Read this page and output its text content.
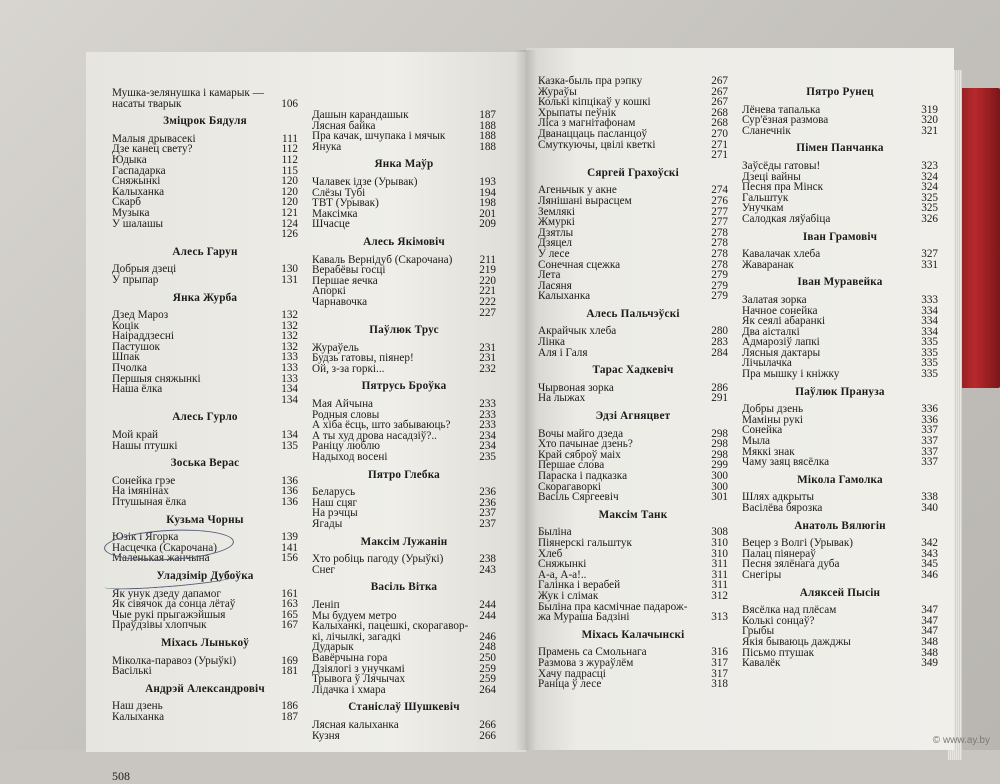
Мушка-зелянушка і камарык —
насаты тварык	106
Зміцрок Бядуля
Малыя дрывасекі	111
Дзе канец свету?	112
Юдыка	112
Гаспадарка	115
Сняжынкі	120
Калыханка	120
Скарб	120
Музыка	121
У шалашы	124
126
Алесь Гарун
Добрыя дзеці	130
У прыпар	131
Янка Журба
Дзед Мароз	132
Коцік	132
Наіраддзесні	132
Пастушок	132
Шпак	133
Пчолка	133
Першыя сняжынкі	133
Наша ёлка	134
134
Алесь Гурло
Мой край	134
Нашы птушкі	135
Зоська Верас
Сонейка грэе	136
На імянінах	136
Птушыная ёлка	136
Кузьма Чорны
Юзік і Ягорка	139
Насцечка (Скарочана)	141
Маленькая жанчына	156
Уладзімір Дубоўка
Як унук дзеду дапамог	161
Як сівячок да сонца лётаў	163
Чые рукі прыгажэйшыя	165
Праўдзівы хлопчык	167
Міхась Лынькоў
Міколка-паравоз (Урыўкі)	169
Васількі	181
Андрэй Александровіч
Наш дзень	186
Калыханка	187
Дашын карандашык	187
Лясная байка	188
Пра качак, шчупака і мячык	188
Янука	188
Янка Маўр
Чалавек ідзе (Урывак)	193
Слёзы Тубі	194
ТВТ (Урывак)	198
Максімка	201
Шчасце	209
Алесь Якімовіч
Каваль Вернідуб (Скарочана)	211
Верабёвы госці	219
Першае яечка	220
Апоркі	221
Чарнавочка	222
227
Паўлюк Трус
Жураўель	231
Будзь гатовы, піянер!	231
Ой, з-за горкі...	232
Пятрусь Броўка
Мая Айчына	233
Родныя словы	233
А хіба ёсць, што забываюць?	233
А ты худ дрова насадзіў?..	234
Раніцу люблю	234
Надыход восені	235
Пятро Глебка
Беларусь	236
Наш сцяг	236
На рэчцы	237
Ягады	237
Максім Лужанін
Хто робіць пагоду (Урыўкі)	238
Снег	243
Васіль Вітка
Леніп	244
Мы будуем метро	244
Калыханкі, пацешкі, скорагавор-
кі, лічылкі, загадкі	246
Дударык	248
Вавёрчына гора	250
Дзіялогі з унучкамі	259
Трывога ў Лячычах	259
Лідачка і хмара	264
Станіслаў Шушкевіч
Лясная калыханка	266
Кузня	266
508
Казка-быль пра рэпку	267
Жураўы	267
Колькі кіпцікаў у кошкі	267
Хрыпаты пеўнік	268
Ліса з магнітафонам	268
Дванаццаць пасланцоў	270
Смуткуючы, цвілі кветкі	271
271
Сяргей Грахоўскі
Агеньчык у акне	274
Лянішані вырасцем	276
Землякі	277
Жмуркі	277
Дзятлы	278
Дзяцел	278
У лесе	278
Сонечная сцежка	278
Лета	279
Ласяня	279
Калыханка	279
Алесь Пальчэўскі
Акрайчык хлеба	280
Лінка	283
Аля і Галя	284
Тарас Хадкевіч
Чырвоная зорка	286
На лыжах	291
Эдзі Агняцвет
Вочы майго дзеда	298
Хто пачынае дзень?	298
Край сяброў маіх	298
Першае слова	299
Параска і падказка	300
Скорагаворкі	300
Васіль Сяргеевіч	301
Максім Танк
Быліна	308
Піянерскі гальштук	310
Хлеб	310
Сняжынкі	311
А-а, А-а!..	311
Галінка і верабей	311
Жук і слімак	312
Быліна пра касмічнае падарож-
жа Мураша Бадзіні	313
Міхась Калачынскі
Прамень са Смольнага	316
Размова з жураўлём	317
Хачу падрасці	317
Раніца ў лесе	318
Пятро Рунец
Лёнева тапалька	319
Сур'ёзная размова	320
Сланечнік	321
Пімен Панчанка
Заўсёды гатовы!	323
Дзеці вайны	324
Песня пра Мінск	324
Гальштук	325
Унучкам	325
Салодкая ляўабіца	326
Іван Грамовіч
Кавалачак хлеба	327
Жаваранак	331
Іван Муравейка
Залатая зорка	333
Начное сонейка	334
Як сеялі абаранкі	334
Два аісталкі	334
Адмарозіў лапкі	335
Лясныя дактары	335
Лічылачка	335
Пра мышку і кніжку	335
Паўлюк Прануза
Добры дзень	336
Маміны рукі	336
Сонейка	337
Мыла	337
Мяккі знак	337
Чаму заяц вясёлка	337
Мікола Гамолка
Шлях адкрыты	338
Васілёва бярозка	340
Анатоль Вялюгін
Вецер з Волгі (Урывак)	342
Палац піянераў	343
Песня зялёнага дуба	345
Снегіры	346
Аляксей Пысін
Вясёлка над плёсам	347
Колькі сонцаў?	347
Грыбы	347
Якія бываюць дажджы	348
Пісьмо птушак	348
Кавалёк	349
© www.ay.by
